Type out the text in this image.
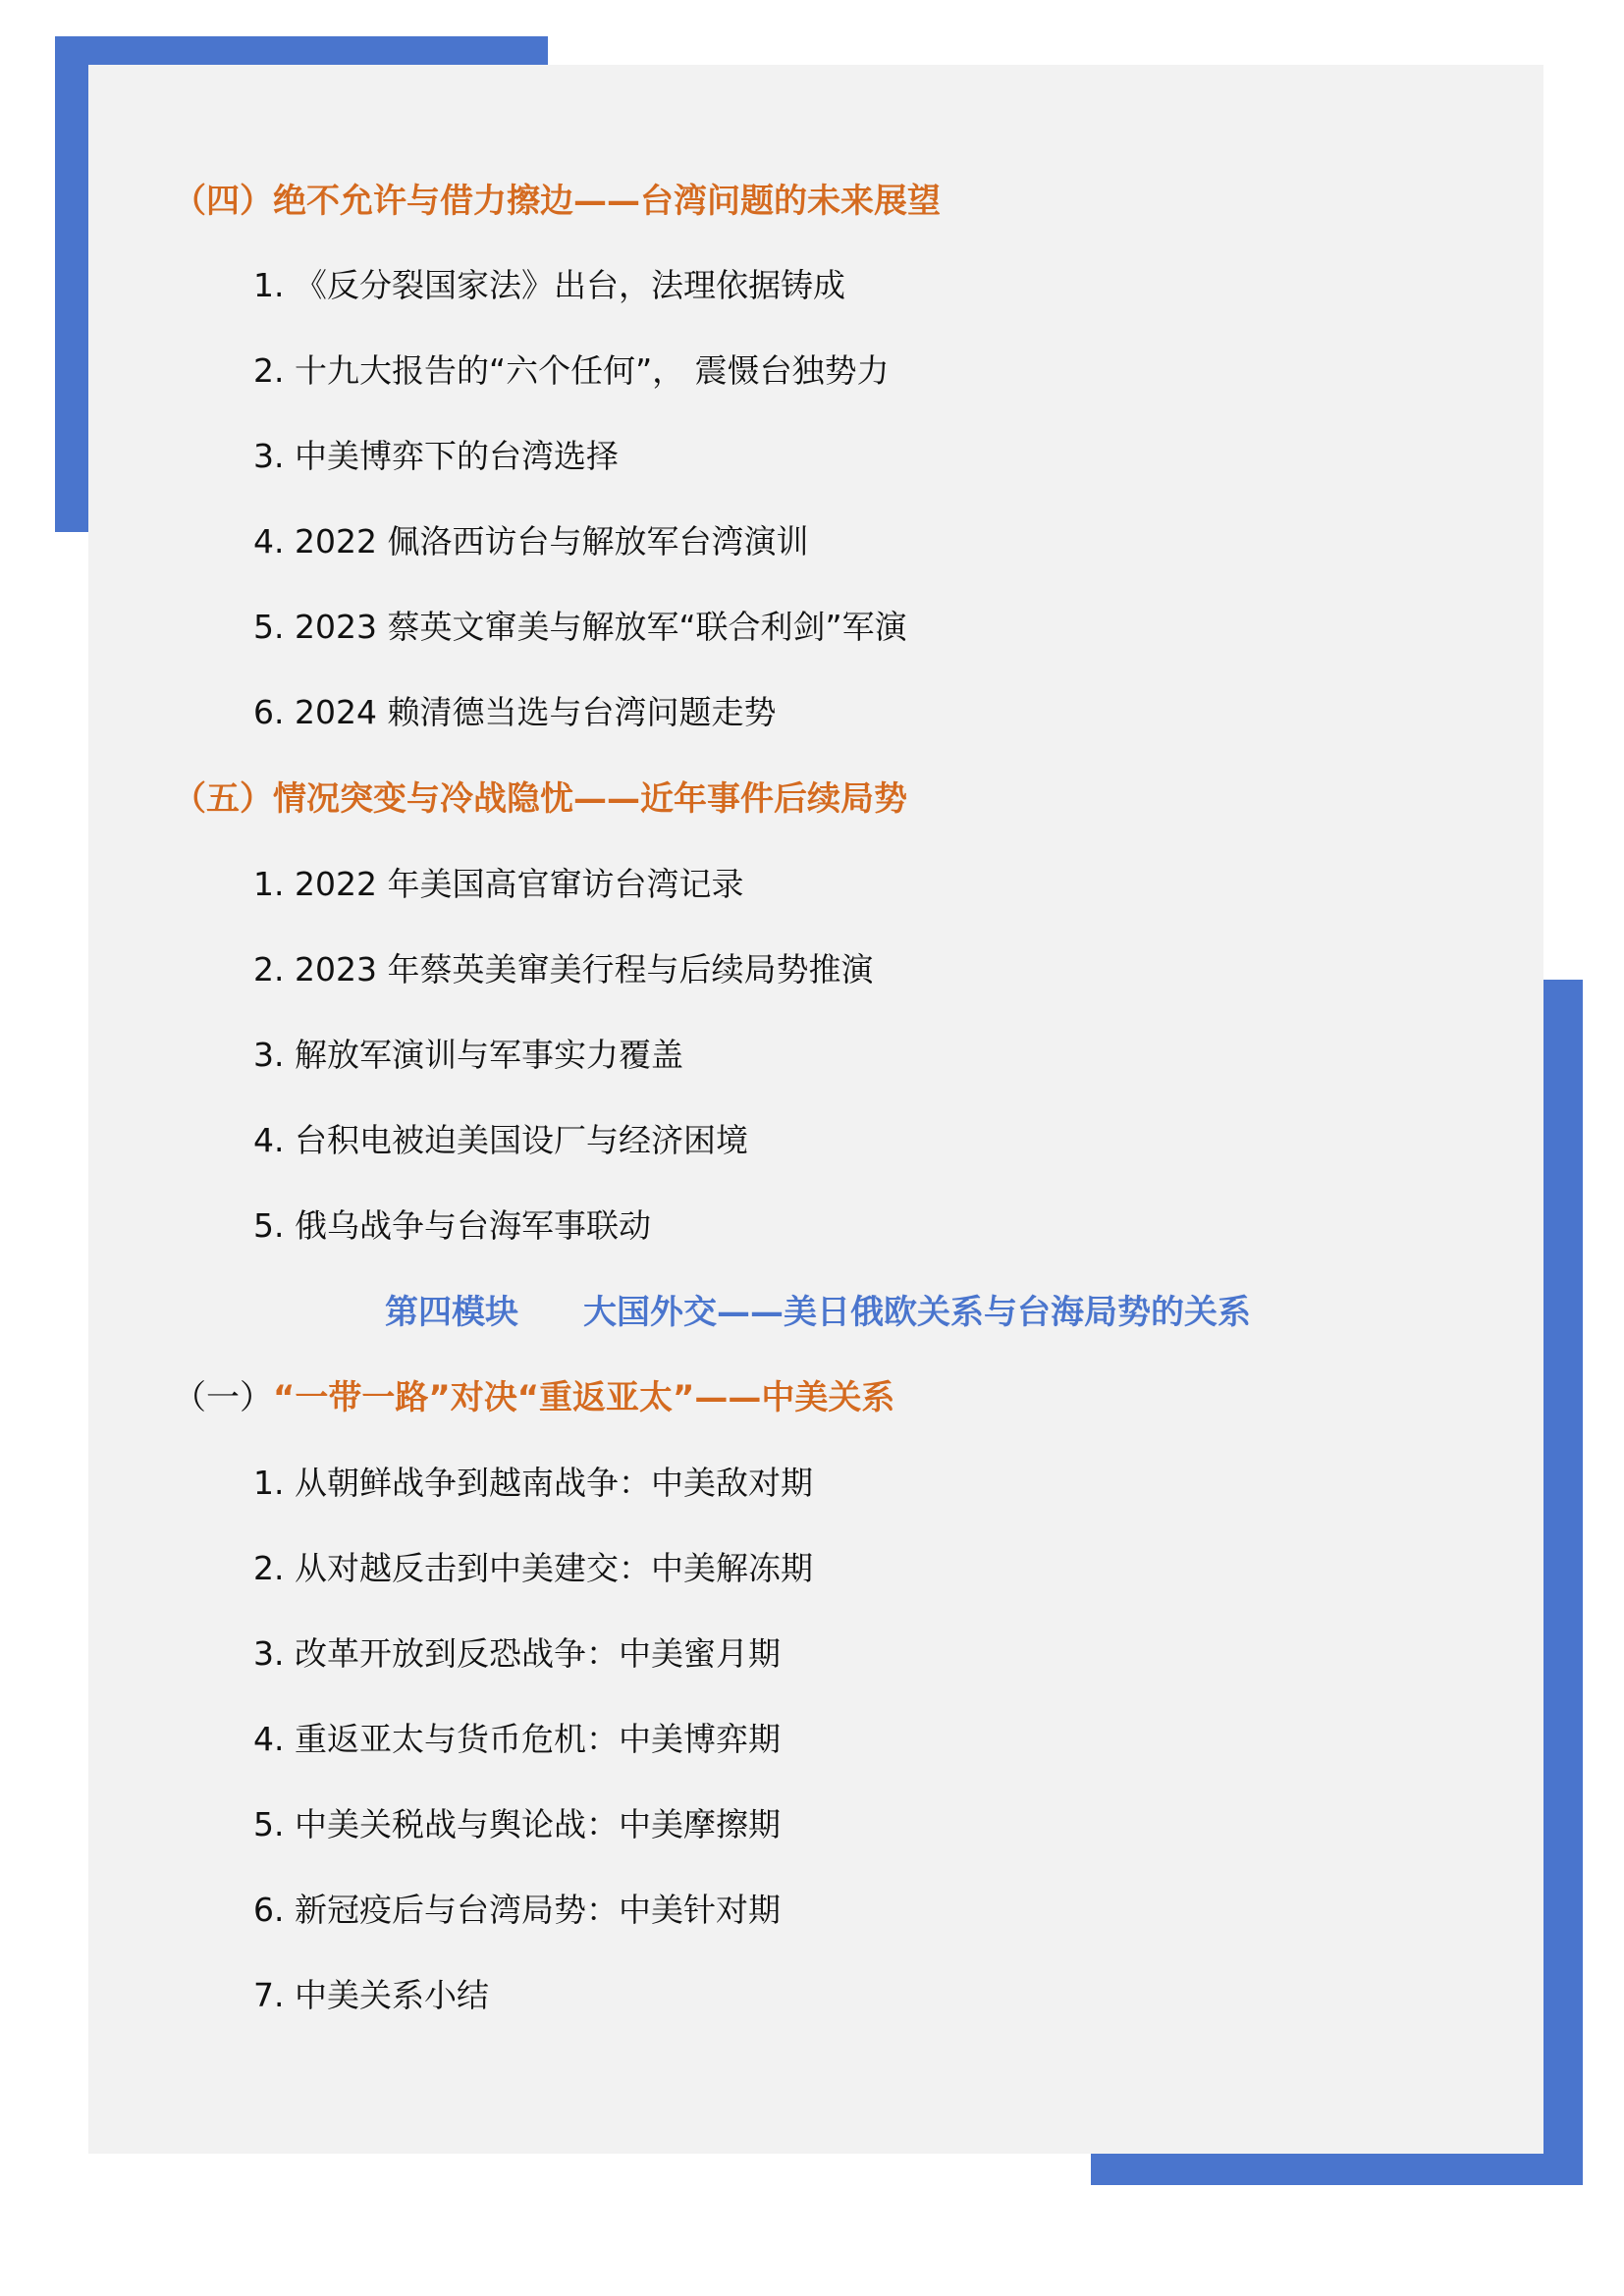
（四）绝不允许与借力擦边——台湾问题的未来展望
1. 《反分裂国家法》出台，法理依据铸成
2. 十九大报告的“六个任何”， 震慑台独势力
3. 中美博弈下的台湾选择
4. 2022 佩洛西访台与解放军台湾演训
5. 2023 蔡英文窜美与解放军“联合利剑”军演
6. 2024 赖清德当选与台湾问题走势
（五）情况突变与冷战隐忧——近年事件后续局势
1. 2022 年美国高官窜访台湾记录
2. 2023 年蔡英美窜美行程与后续局势推演
3. 解放军演训与军事实力覆盖
4. 台积电被迫美国设厂与经济困境
5. 俄乌战争与台海军事联动
第四模块 大国外交——美日俄欧关系与台海局势的关系
（一）“一带一路”对决“重返亚太”——中美关系
1. 从朝鲜战争到越南战争：中美敌对期
2. 从对越反击到中美建交：中美解冻期
3. 改革开放到反恐战争：中美蜜月期
4. 重返亚太与货币危机：中美博弈期
5. 中美关税战与舆论战：中美摩擦期
6. 新冠疫后与台湾局势：中美针对期
7. 中美关系小结
